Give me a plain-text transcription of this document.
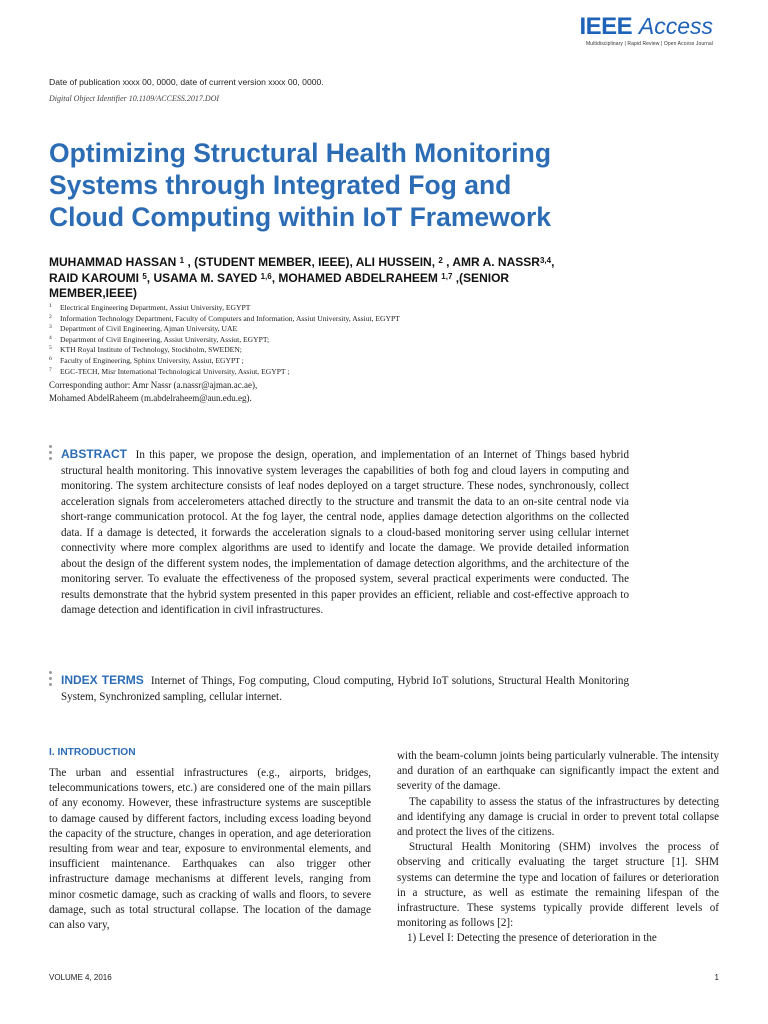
IEEE Access
Multidisciplinary | Rapid Review | Open Access Journal
Date of publication xxxx 00, 0000, date of current version xxxx 00, 0000.
Digital Object Identifier 10.1109/ACCESS.2017.DOI
Optimizing Structural Health Monitoring
Systems through Integrated Fog and
Cloud Computing within IoT Framework
MUHAMMAD HASSAN $^1$ , (STUDENT MEMBER, IEEE), ALI HUSSEIN, $^2$ , AMR A. NASSR$^{3,4}$,
RAID KAROUMI $^5$, USAMA M. SAYED $^{1,6}$, MOHAMED ABDELRAHEEM $^{1,7}$ ,(SENIOR
MEMBER,IEEE)
1 Electrical Engineering Department, Assiut University, EGYPT
2 Information Technology Department, Faculty of Computers and Information, Assiut University, Assiut, EGYPT
3 Department of Civil Engineering, Ajman University, UAE
4 Department of Civil Engineering, Assiut University, Assiut, EGYPT;
5 KTH Royal Institute of Technology, Stockholm, SWEDEN;
6 Faculty of Engineering, Sphinx University, Assiut, EGYPT ;
7 EGC-TECH, Misr International Technological University, Assiut, EGYPT ;
Corresponding author: Amr Nassr (a.nassr@ajman.ac.ae),
Mohamed AbdelRaheem (m.abdelraheem@aun.edu.eg).
ABSTRACT In this paper, we propose the design, operation, and implementation of an Internet of Things based hybrid structural health monitoring. This innovative system leverages the capabilities of both fog and cloud layers in computing and monitoring. The system architecture consists of leaf nodes deployed on a target structure. These nodes, synchronously, collect acceleration signals from accelerometers attached directly to the structure and transmit the data to an on-site central node via short-range communication protocol. At the fog layer, the central node, applies damage detection algorithms on the collected data. If a damage is detected, it forwards the acceleration signals to a cloud-based monitoring server using cellular internet connectivity where more complex algorithms are used to identify and locate the damage. We provide detailed information about the design of the different system nodes, the implementation of damage detection algorithms, and the architecture of the monitoring server. To evaluate the effectiveness of the proposed system, several practical experiments were conducted. The results demonstrate that the hybrid system presented in this paper provides an efficient, reliable and cost-effective approach to damage detection and identification in civil infrastructures.
INDEX TERMS Internet of Things, Fog computing, Cloud computing, Hybrid IoT solutions, Structural Health Monitoring System, Synchronized sampling, cellular internet.
I. INTRODUCTION

The urban and essential infrastructures (e.g., airports, bridges, telecommunications towers, etc.) are considered one of the main pillars of any economy. However, these infrastructure systems are susceptible to damage caused by different factors, including excess loading beyond the capacity of the structure, changes in operation, and age deterioration resulting from wear and tear, exposure to environmental elements, and insufficient maintenance. Earthquakes can also trigger other infrastructure damage mechanisms at different levels, ranging from minor cosmetic damage, such as cracking of walls and floors, to severe damage, such as total structural collapse. The location of the damage can also vary,

with the beam-column joints being particularly vulnerable. The intensity and duration of an earthquake can significantly impact the extent and severity of the damage.

The capability to assess the status of the infrastructures by detecting and identifying any damage is crucial in order to prevent total collapse and protect the lives of the citizens.

Structural Health Monitoring (SHM) involves the process of observing and critically evaluating the target structure [1]. SHM systems can determine the type and location of failures or deterioration in a structure, as well as estimate the remaining lifespan of the infrastructure. These systems typically provide different levels of monitoring as follows [2]:

1) Level I: Detecting the presence of deterioration in the

VOLUME 4, 2016	1
